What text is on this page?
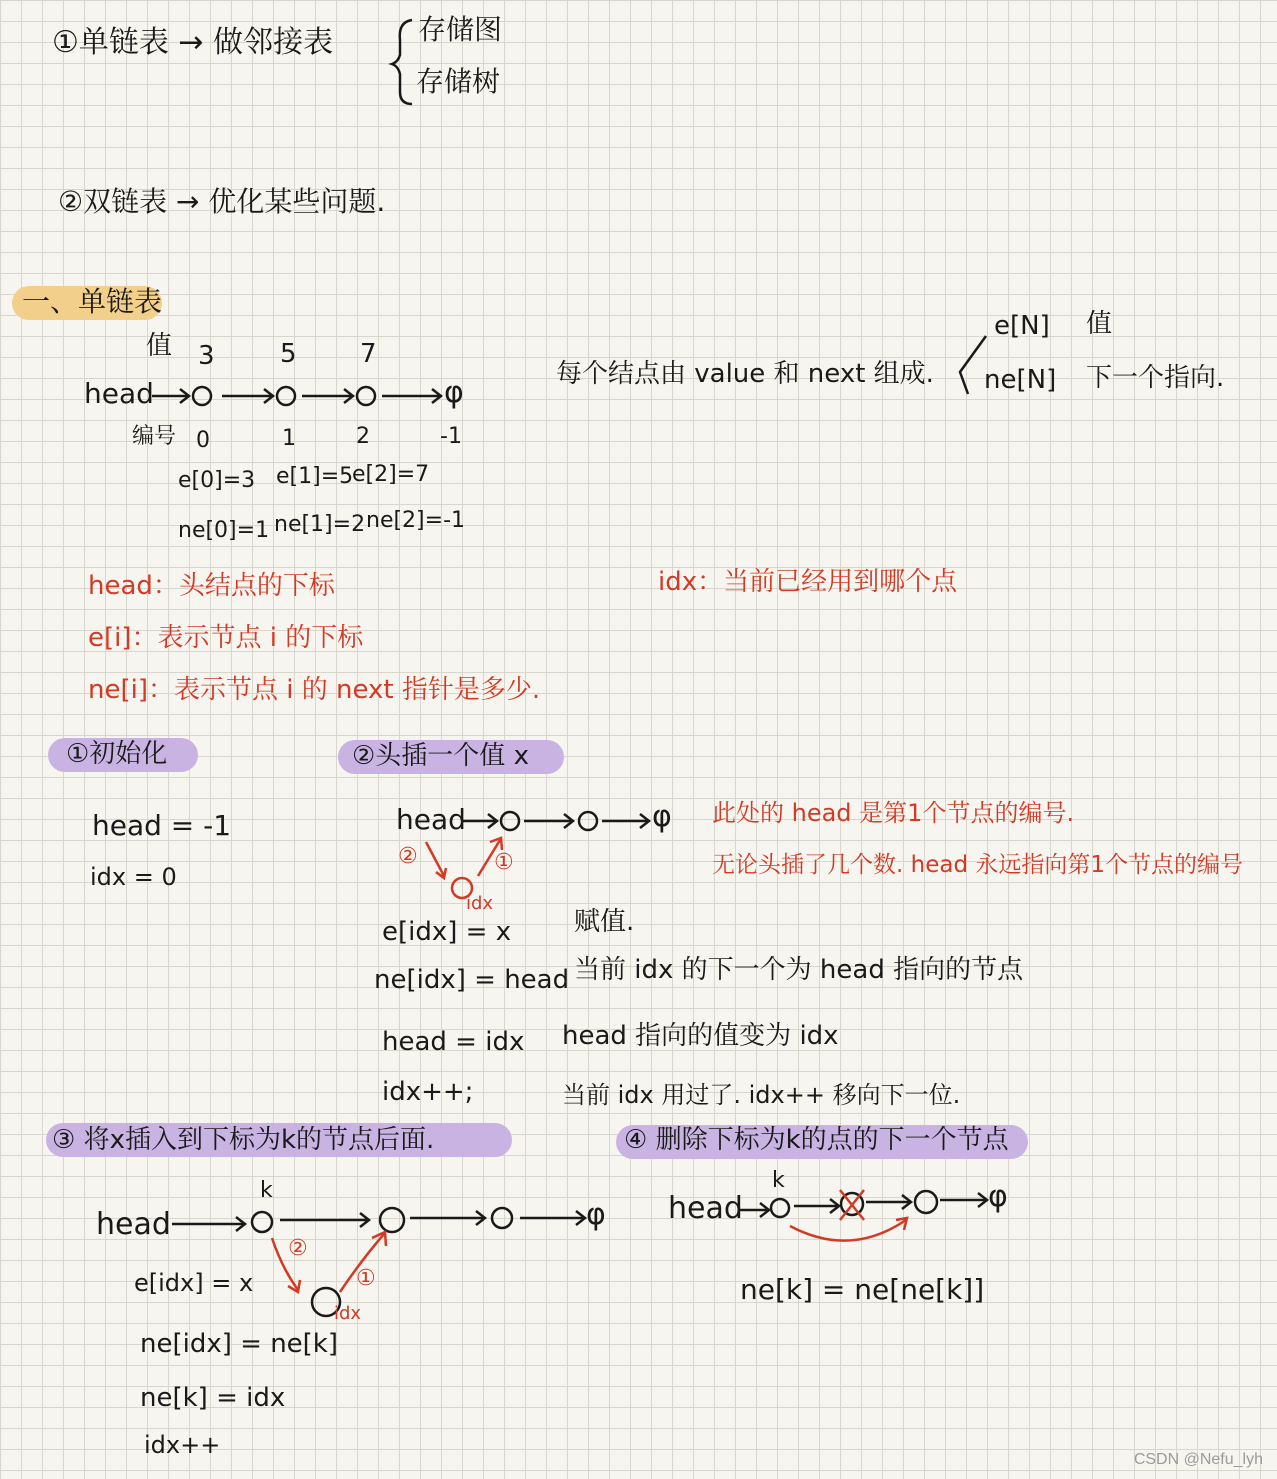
①单链表 → 做邻接表	存储图
存储树
②双链表 → 优化某些问题.
一、单链表
值 3	5 7
head	φ
编号 0	1	2	-1
e[0]=3 e[1]=5
e[2]=7
ne[0]=1 ne[1]=2 ne[2]=-1
每个结点由 value 和 next 组成.
e[N] 值
ne[N] 下一个指向.
head：头结点的下标
e[i]：表示节点 i 的下标
ne[i]：表示节点 i 的 next 指针是多少.
idx：当前已经用到哪个点
①初始化
head = -1
idx = 0
②头插一个值 x
head	φ
①
②
idx
此处的 head 是第1个节点的编号.
无论头插了几个数. head 永远指向第1个节点的编号
e[idx] = x 赋值.
ne[idx] = head 当前 idx 的下一个为 head 指向的节点
head = idx head 指向的值变为 idx
idx++;	当前 idx 用过了. idx++ 移向下一位.
③ 将x插入到下标为k的节点后面.
head
k
φ
②
①
idx
e[idx] = x
ne[idx] = ne[k]
ne[k] = idx
idx++
④ 删除下标为k的点的下一个节点
head
k	φ
ne[k] = ne[ne[k]]
CSDN @Nefu_lyh
